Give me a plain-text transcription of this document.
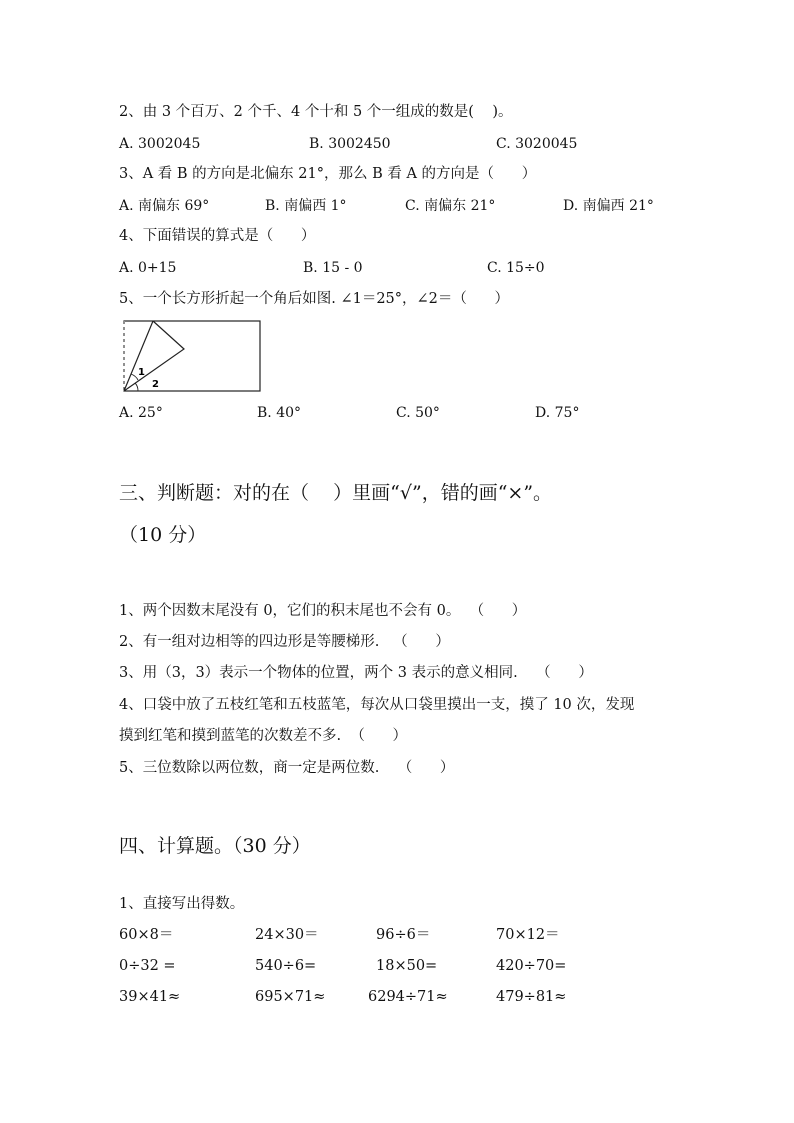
2、由 3 个百万、2 个千、4 个十和 5 个一组成的数是(    )。
A. 3002045	B. 3002450	C. 3020045
3、A 看 B 的方向是北偏东 21°，那么 B 看 A 的方向是（      ）
A. 南偏东 69°	B. 南偏西 1°	C. 南偏东 21°	D. 南偏西 21°
4、下面错误的算式是（      ）
A. 0+15	B. 15 - 0	C. 15÷0
5、一个长方形折起一个角后如图. ∠1＝25°，∠2＝（      ）
1
2
A. 25°	B. 40°	C. 50°	D. 75°
三、判断题：对的在（    ）里画“√”，错的画“×”。
（10 分）
1、两个因数末尾没有 0，它们的积末尾也不会有 0。  （      ）
2、有一组对边相等的四边形是等腰梯形.   （      ）
3、用（3，3）表示一个物体的位置，两个 3 表示的意义相同.    （      ）
4、口袋中放了五枝红笔和五枝蓝笔，每次从口袋里摸出一支，摸了 10 次，发现
摸到红笔和摸到蓝笔的次数差不多.  （      ）
5、三位数除以两位数，商一定是两位数.    （      ）
四、计算题。（30 分）
1、直接写出得数。
60×8＝	24×30＝	96÷6＝	70×12＝
0÷32 =	540÷6=	18×50=	420÷70=
39×41≈	695×71≈	6294÷71≈	479÷81≈
